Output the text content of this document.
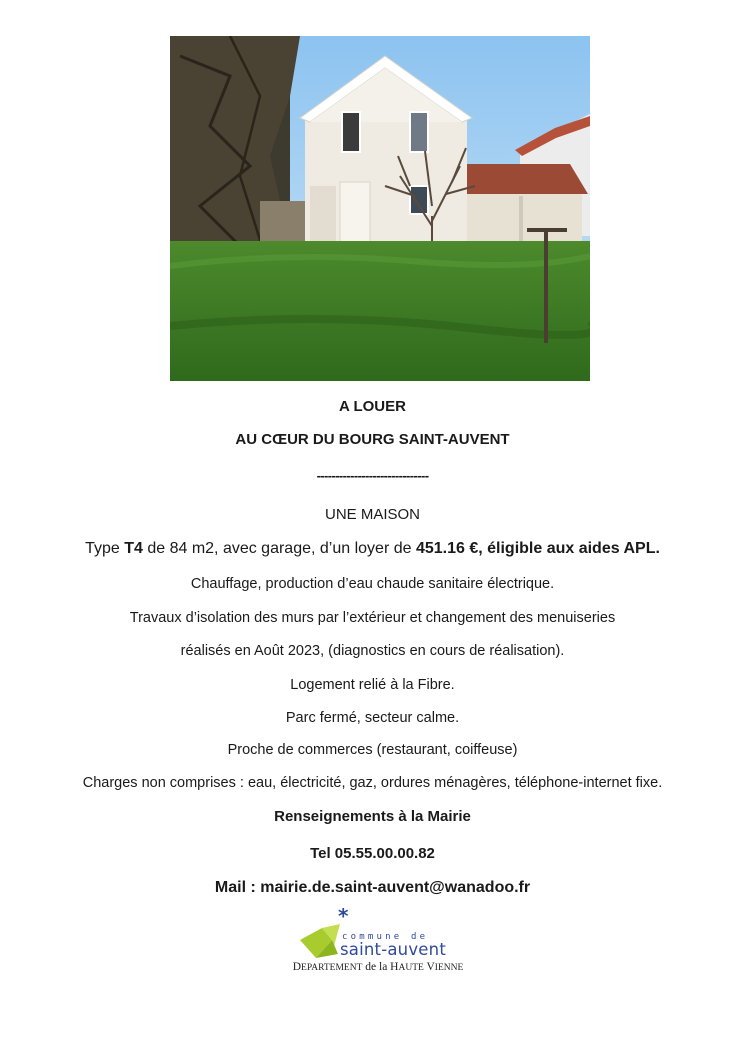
A LOUER
AU CŒUR DU BOURG SAINT-AUVENT
------------------------------
UNE MAISON
Type T4 de 84 m2, avec garage, d’un loyer de 451.16 €, éligible aux aides APL.
Chauffage, production d’eau chaude sanitaire électrique.
Travaux d’isolation des murs par l’extérieur et changement des menuiseries
réalisés en Août 2023, (diagnostics en cours de réalisation).
Logement relié à la Fibre.
Parc fermé, secteur calme.
Proche de commerces (restaurant, coiffeuse)
Charges non comprises : eau, électricité, gaz, ordures ménagères, téléphone-internet fixe.
Renseignements à la Mairie
Tel 05.55.00.00.82
Mail : mairie.de.saint-auvent@wanadoo.fr
*
commune de
saint-auvent
DEPARTEMENT de la HAUTE VIENNE
